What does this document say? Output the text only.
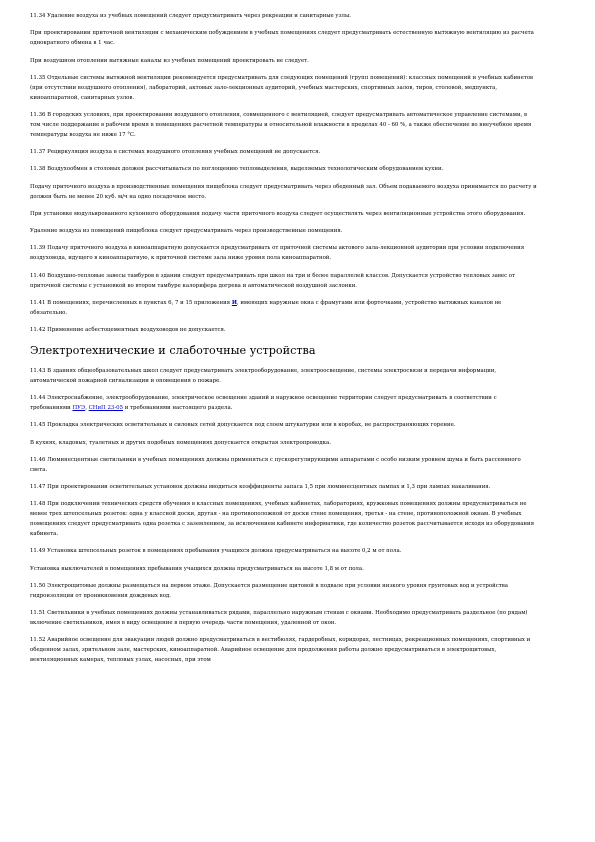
11.34 Удаление воздуха из учебных помещений следует предусматривать через рекреации и санитарные узлы.

При проектировании приточной вентиляции с механическим побуждением в учебных помещениях следует предусматривать естественную вытяжную вентиляцию из расчета однократного обмена в 1 час.

При воздушном отоплении вытяжные каналы из учебных помещений проектировать не следует.

11.35 Отдельные системы вытяжной вентиляции рекомендуется предусматривать для следующих помещений (групп помещений): классных помещений и учебных кабинетов (при отсутствии воздушного отопления), лабораторий, актовых зало-лекционных аудиторий, учебных мастерских, спортивных залов, тиров, столовой, медпункта, киноаппаратной, санитарных узлов.

11.36 В городских условиях, при проектировании воздушного отопления, совмещенного с вентиляцией, следует предусматривать автоматическое управление системами, в том числе поддержание в рабочем время в помещениях расчетной температуры и относительной влажности в пределах 40 - 60 %, а также обеспечение во внеучебное время температуры воздуха не ниже 17 °С.

11.37 Рециркуляция воздуха в системах воздушного отопления учебных помещений не допускается.

11.38 Воздухообмен в столовых должен рассчитываться по поглощению тепловыделения, выделяемых технологическим оборудованием кухни.

Подачу приточного воздуха в производственные помещения пищеблока следует предусматривать через обеденный зал. Объем подаваемого воздуха принимается по расчету и должен быть не менее 20 куб. м/ч на одно посадочное место.

При установке модульированного кухонного оборудования подачу части приточного воздуха следует осуществлять через вентиляционные устройства этого оборудования.

Удаление воздуха из помещений пищеблока следует предусматривать через производственные помещения.

11.39 Подачу приточного воздуха в киноаппаратную допускается предусматривать от приточной системы актового зала-лекционной аудитории при условии подключения воздуховода, идущего в киноаппаратную, к приточной системе зала ниже уровня пола киноаппаратной.

11.40 Воздушно-тепловые завесы тамбуров в здании следует предусматривать при школ на три и более параллелей классов. Допускается устройство тепловых завес от приточной системы с установкой во втором тамбуре калорифера догрева и автоматической воздушной заслонки.

11.41 В помещениях, перечисленных в пунктах 6, 7 и 15 приложения И, имеющих наружные окна с фрамугами или форточками, устройство вытяжных каналов не обязательно.

11.42 Применение асбестоцементных воздуховодов не допускается.

Электротехнические и слаботочные устройства

11.43 В зданиях общеобразовательных школ следует предусматривать электрооборудование, электроосвещение, системы электросвязи и передачи информации, автоматической пожарной сигнализации и оповещения о пожаре.

11.44 Электроснабжение, электрооборудование, электрическое освещение зданий и наружное освещение территории следует предусматривать в соответствии с требованиями ПУЭ, СНиП 23-05 и требованиями настоящего раздела.

11.45 Прокладка электрических осветительных и силовых сетей допускается под слоем штукатурки или в коробах, не распространяющих горение.

В кухнях, кладовых, туалетных и других подобных помещениях допускается открытая электропроводка.

11.46 Люминесцентные светильники в учебных помещениях должны применяться с пускорегулирующими аппаратами с особо низким уровнем шума и быть рассеянного света.

11.47 При проектировании осветительных установок должны вводиться коэффициенты запаса 1,5 при люминесцентных лампах и 1,3 при лампах накаливания.

11.48 При подключении технических средств обучения в классных помещениях, учебных кабинетах, лабораториях, кружковых помещениях должны предусматриваться не менее трех штепсельных розеток: одна у классной доски, другая - на противоположной от доски стене помещения, третья - на стене, противоположной окнам. В учебных помещениях следует предусматривать одна розетка с заземлением, за исключением кабинете информатики, где количество розеток рассчитывается исходя из оборудования кабинета.

11.49 Установка штепсельных розеток в помещениях пребывания учащихся должна предусматриваться на высоте 0,2 м от пола.

Установка выключателей в помещениях пребывания учащихся должна предусматриваться на высоте 1,8 м от пола.

11.50 Электрощитовые должны размещаться на первом этаже. Допускается размещение щитовой в подвале при условии низкого уровня грунтовых вод и устройства гидроизоляции от проникновения дождевых вод.

11.51 Светильники в учебных помещениях должны устанавливаться рядами, параллельно наружным стенам с окнами. Необходимо предусматривать раздельное (по рядам) включение светильников, имея в виду освещение в первую очередь части помещения, удаленной от окон.

11.52 Аварийное освещение для эвакуации людей должно предусматриваться в вестибюлях, гардеробных, коридорах, лестницах, рекреационных помещениях, спортивных и обеденном залах, зрительном зале, мастерских, киноаппаратной. Аварийное освещение для продолжения работы должно предусматриваться в электрощитовых, вентиляционных камерах, тепловых узлах, насосных, при этом
